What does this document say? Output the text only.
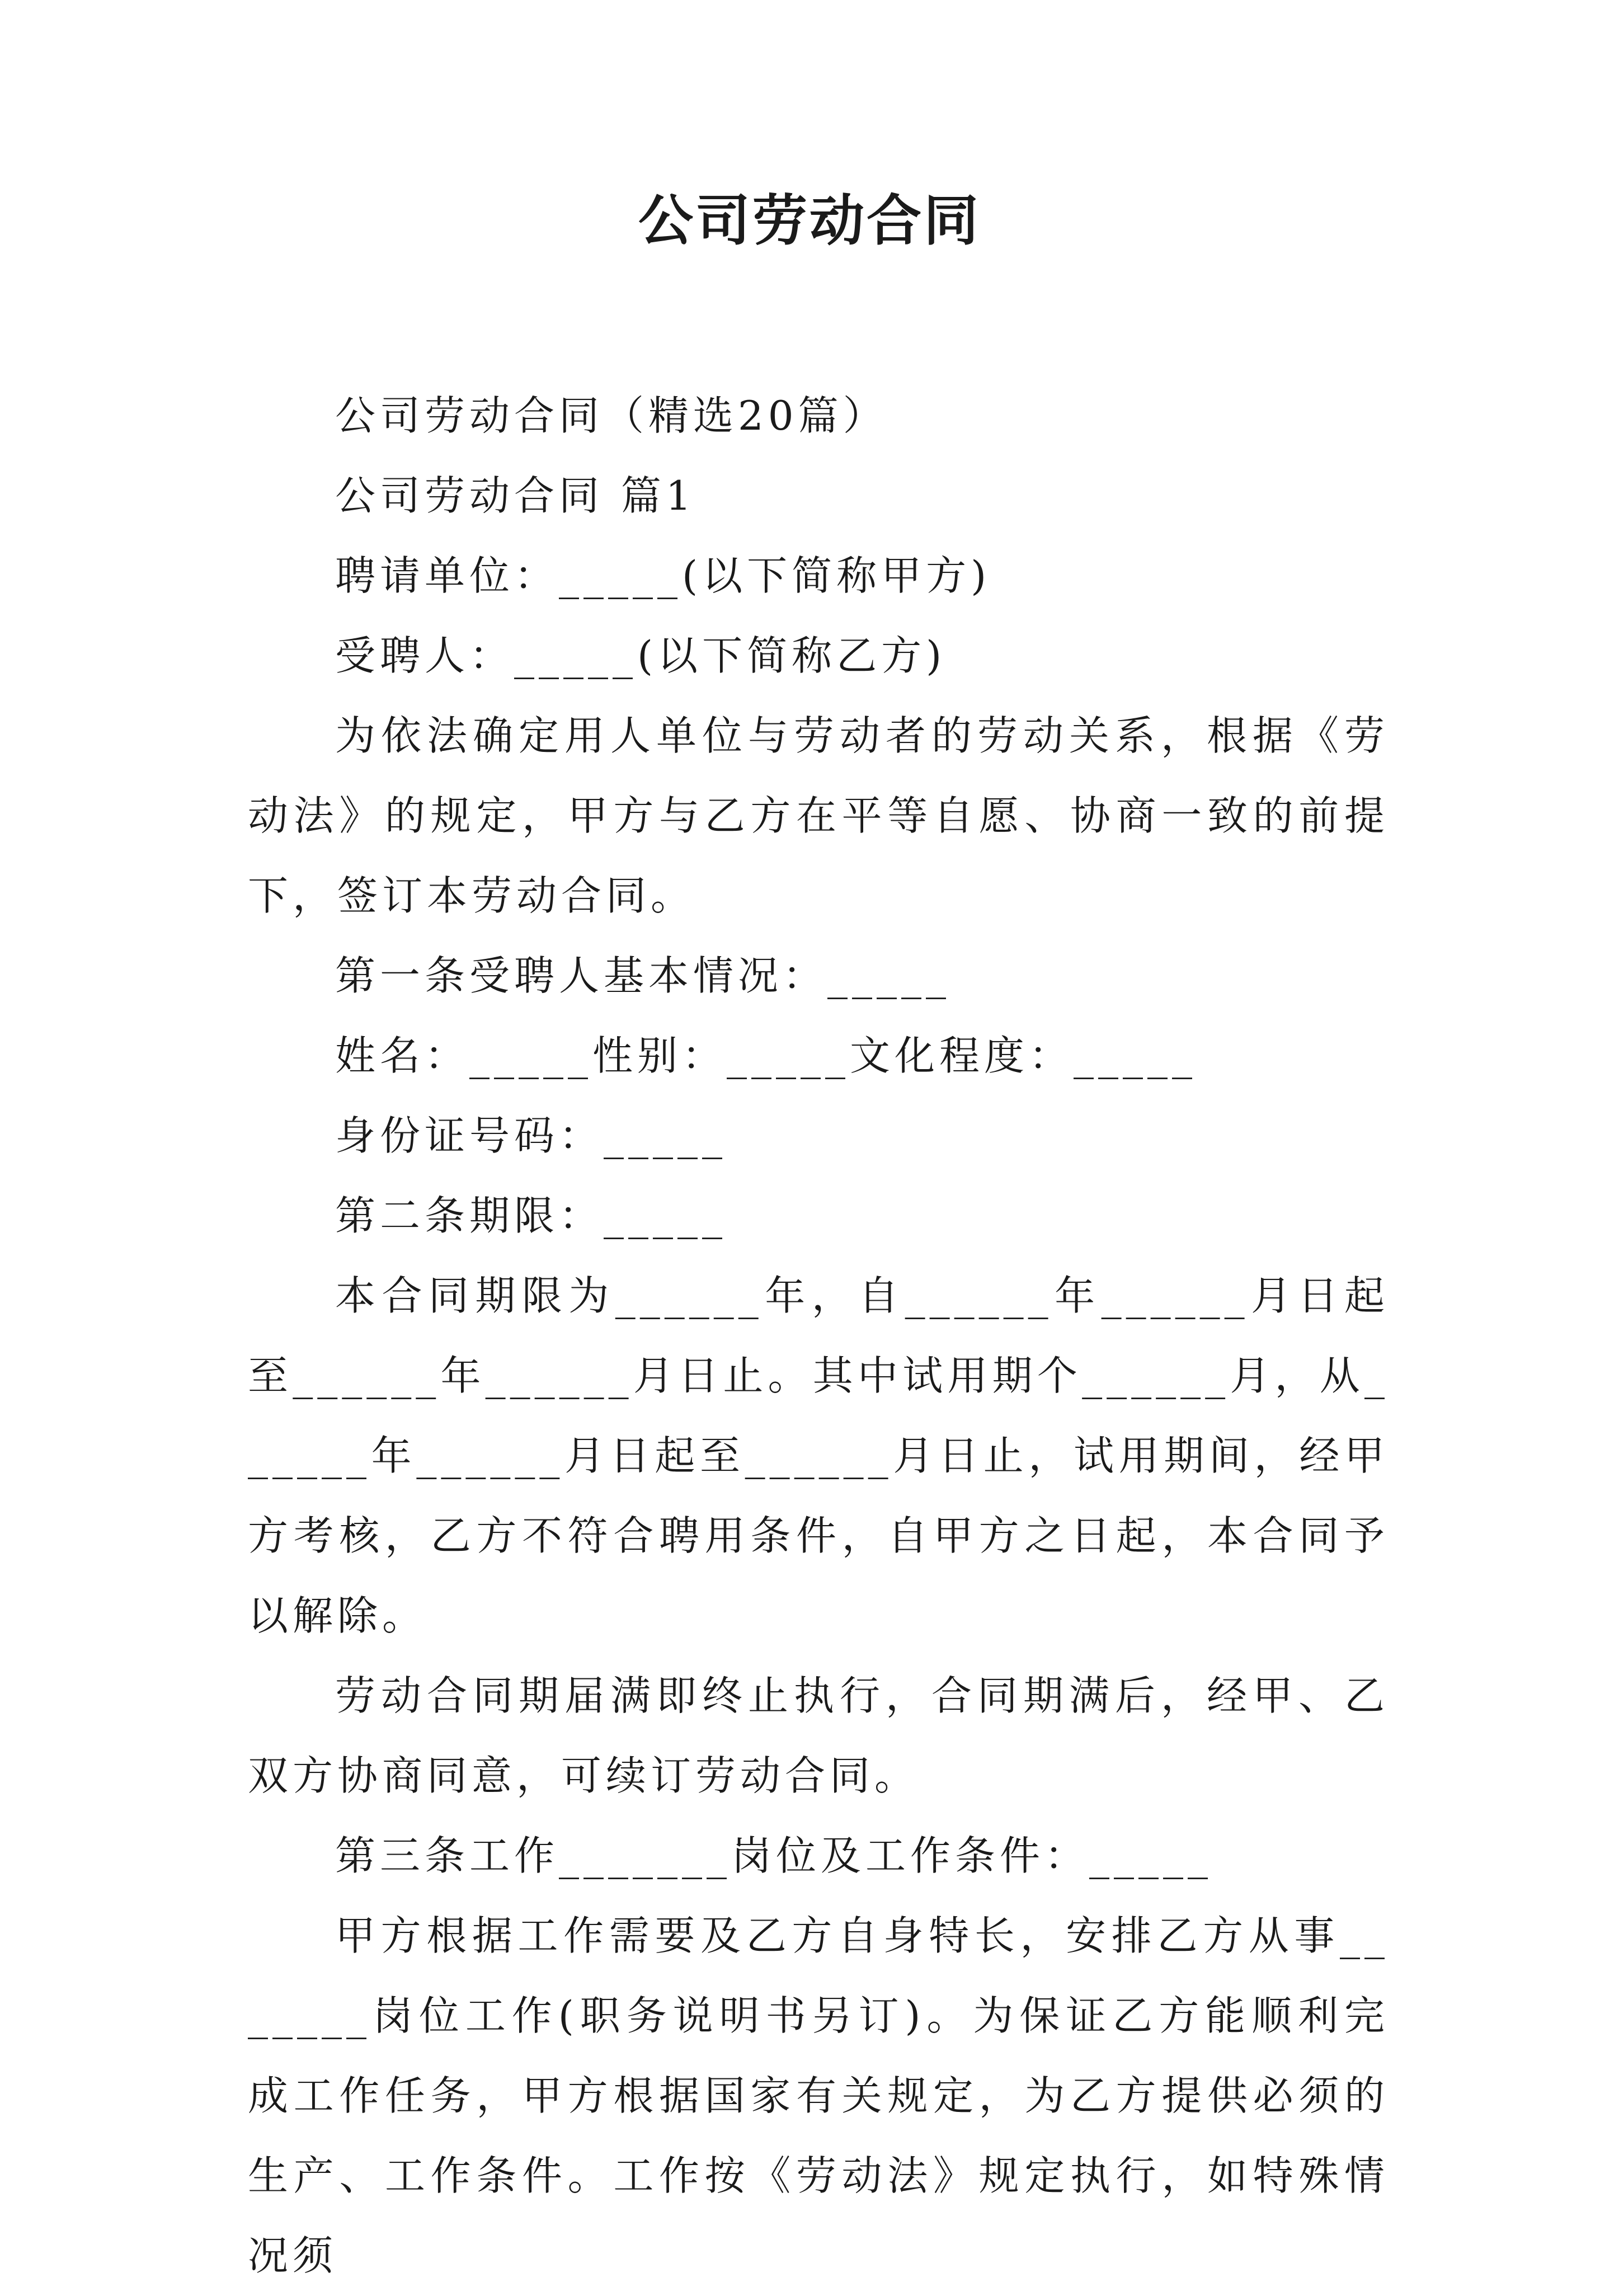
公司劳动合同

公司劳动合同（精选20篇）

公司劳动合同 篇1

聘请单位：_____(以下简称甲方)

受聘人：_____(以下简称乙方)

为依法确定用人单位与劳动者的劳动关系，根据《劳动法》的规定，甲方与乙方在平等自愿、协商一致的前提下，签订本劳动合同。

第一条受聘人基本情况：_____

姓名：_____性别：_____文化程度：_____

身份证号码：_____

第二条期限：_____

本合同期限为______年，自______年______月日起至______年______月日止。其中试用期个______月，从______年______月日起至______月日止，试用期间，经甲方考核，乙方不符合聘用条件，自甲方之日起，本合同予以解除。

劳动合同期届满即终止执行，合同期满后，经甲、乙双方协商同意，可续订劳动合同。

第三条工作_______岗位及工作条件：_____

甲方根据工作需要及乙方自身特长，安排乙方从事_______岗位工作(职务说明书另订)。为保证乙方能顺利完成工作任务，甲方根据国家有关规定，为乙方提供必须的生产、工作条件。工作按《劳动法》规定执行，如特殊情况须
